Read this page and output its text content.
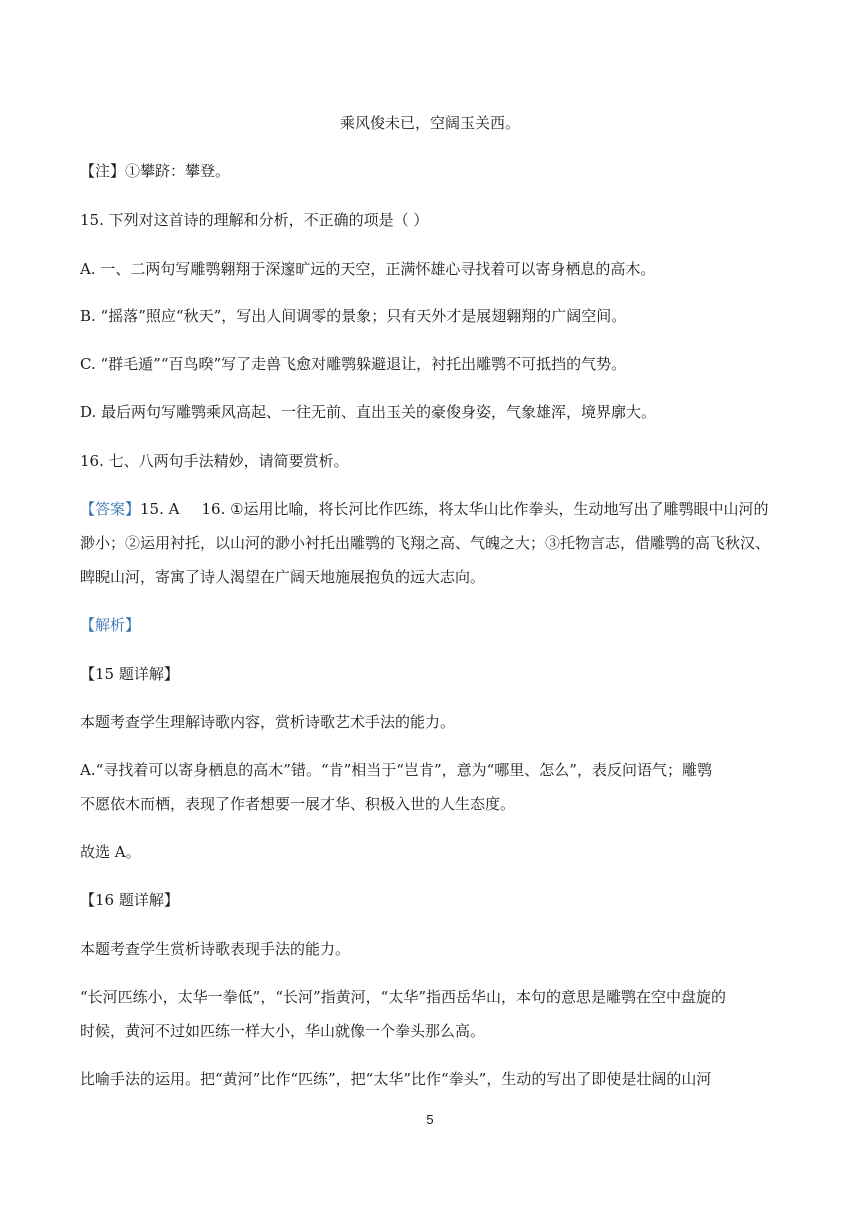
乘风俊未已，空阔玉关西。
【注】①攀跻：攀登。
15. 下列对这首诗的理解和分析，不正确的项是（ ）
A. 一、二两句写雕鹗翱翔于深邃旷远的天空，正满怀雄心寻找着可以寄身栖息的高木。
B. “摇落”照应“秋天”，写出人间调零的景象；只有天外才是展翅翱翔的广阔空间。
C. “群毛遁”“百鸟暌”写了走兽飞愈对雕鹗躲避退让，衬托出雕鹗不可抵挡的气势。
D. 最后两句写雕鹗乘风高起、一往无前、直出玉关的豪俊身姿，气象雄浑，境界廓大。
16. 七、八两句手法精妙，请简要赏析。
【答案】15. A 16. ①运用比喻，将长河比作匹练，将太华山比作拳头，生动地写出了雕鹗眼中山河的
渺小；②运用衬托，以山河的渺小衬托出雕鹗的飞翔之高、气魄之大；③托物言志，借雕鹗的高飞秋汉、
睥睨山河，寄寓了诗人渴望在广阔天地施展抱负的远大志向。
【解析】
【15 题详解】
本题考查学生理解诗歌内容，赏析诗歌艺术手法的能力。
A.“寻找着可以寄身栖息的高木”错。“肯”相当于“岂肯”，意为“哪里、怎么”，表反问语气；雕鹗
不愿依木而栖，表现了作者想要一展才华、积极入世的人生态度。
故选 A。
【16 题详解】
本题考查学生赏析诗歌表现手法的能力。
“长河匹练小，太华一拳低”，“长河”指黄河，“太华”指西岳华山，本句的意思是雕鹗在空中盘旋的
时候，黄河不过如匹练一样大小，华山就像一个拳头那么高。
比喻手法的运用。把“黄河”比作“匹练”，把“太华”比作“拳头”，生动的写出了即使是壮阔的山河
5
